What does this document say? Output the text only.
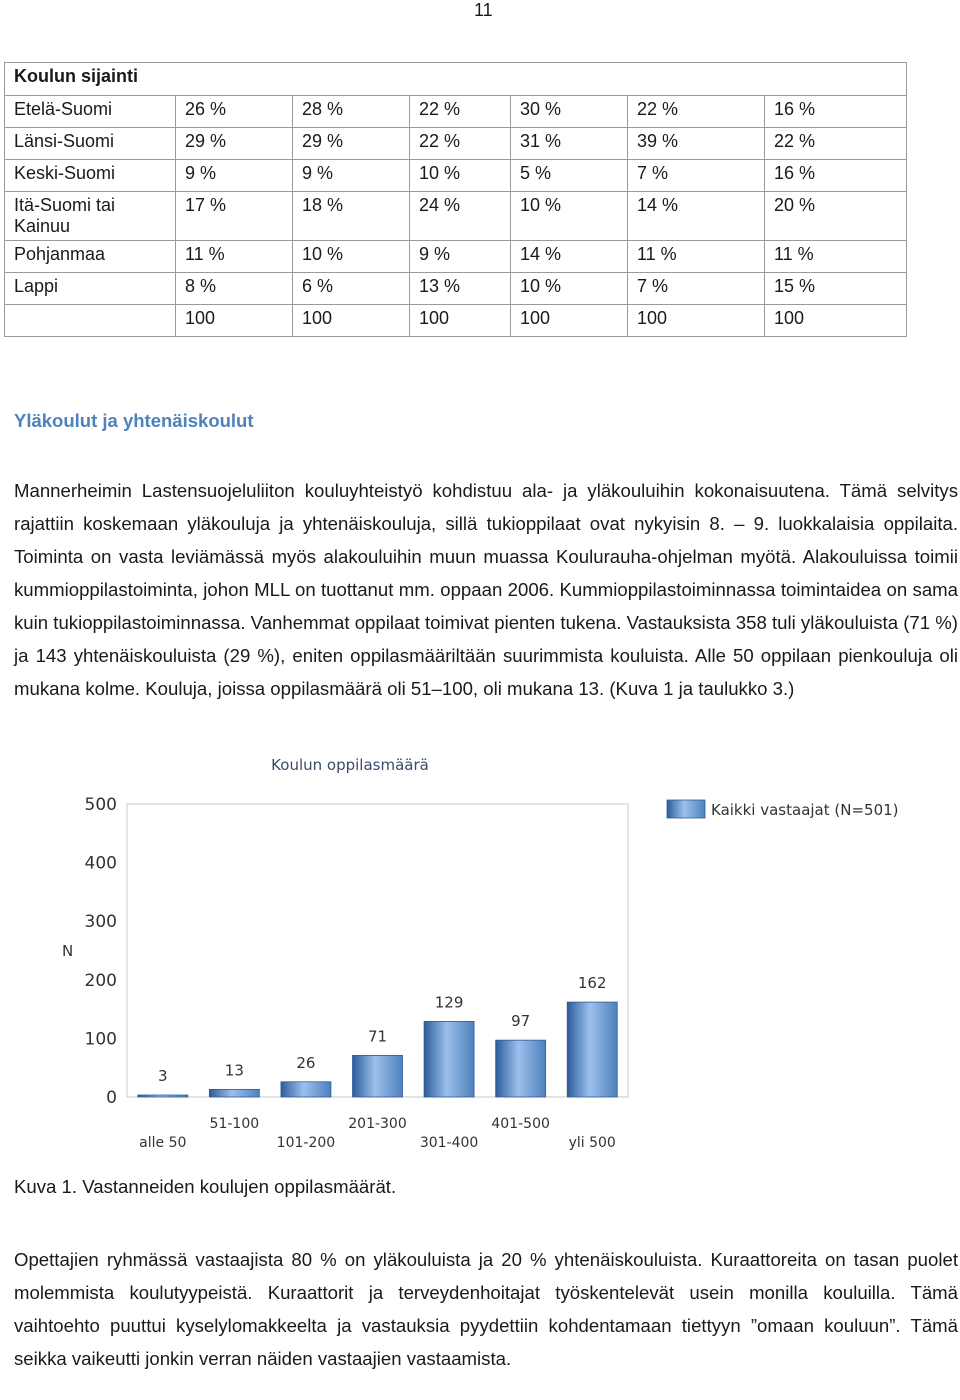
11
Koulun sijainti						
Etelä-Suomi	26 %	28 %	22 %	30 %	22 %	16 %
Länsi-Suomi	29 %	29 %	22 %	31 %	39 %	22 %
Keski-Suomi	9 %	9 %	10 %	5 %	7 %	16 %
Itä-Suomi tai Kainuu	17 %	18 %	24 %	10 %	14 %	20 %
Pohjanmaa	11 %	10 %	9 %	14 %	11 %	11 %
Lappi	8 %	6 %	13 %	10 %	7 %	15 %
	100	100	100	100	100	100
Yläkoulut ja yhtenäiskoulut

Mannerheimin Lastensuojeluliiton kouluyhteistyö kohdistuu ala- ja yläkouluihin kokonaisuutena. Tämä selvitys rajattiin koskemaan yläkouluja ja yhtenäiskouluja, sillä tukioppilaat ovat nykyisin 8. – 9. luokkalaisia oppilaita. Toiminta on vasta leviämässä myös alakouluihin muun muassa Koulurauha-ohjelman myötä. Alakouluissa toimii kummioppilastoiminta, johon MLL on tuottanut mm. oppaan 2006. Kummioppilastoiminnassa toimintaidea on sama kuin tukioppilastoiminnassa. Vanhemmat oppilaat toimivat pienten tukena. Vastauksista 358 tuli yläkouluista (71 %) ja 143 yhtenäiskouluista (29 %), eniten oppilasmääriltään suurimmista kouluista. Alle 50 oppilaan pienkouluja oli mukana kolme. Kouluja, joissa oppilasmäärä oli 51–100, oli mukana 13. (Kuva 1 ja taulukko 3.)

Koulun oppilasmäärä
0
100
200
300
400
500
N
3
alle 50
13
51-100
26
101-200
71
201-300
129
301-400
97
401-500
162
yli 500
Kaikki vastaajat (N=501)
Kuva 1. Vastanneiden koulujen oppilasmäärät.

Opettajien ryhmässä vastaajista 80 % on yläkouluista ja 20 % yhtenäiskouluista. Kuraattoreita on tasan puolet molemmista koulutyypeistä. Kuraattorit ja terveydenhoitajat työskentelevät usein monilla kouluilla. Tämä vaihtoehto puuttui kyselylomakkeelta ja vastauksia pyydettiin kohdentamaan tiettyyn ”omaan kouluun”. Tämä seikka vaikeutti jonkin verran näiden vastaajien vastaamista.
